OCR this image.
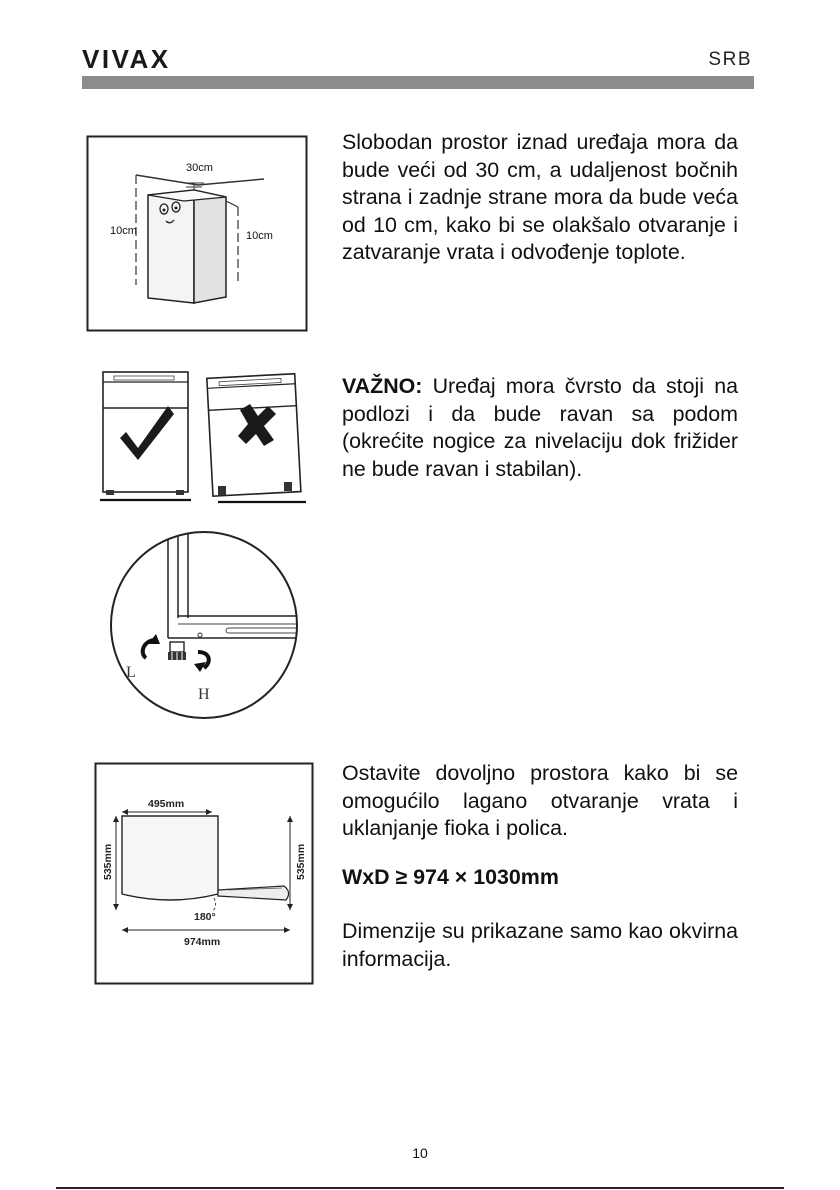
VIVAX	SRB
30cm
10cm	10cm

Slobodan prostor iznad uređaja mora da bude veći od 30 cm, a udaljenost bočnih strana i zadnje strane mora da bude veća od 10 cm, kako bi se olakšalo otvaranje i zatvaranje vrata i odvođenje toplote.

VAŽNO: Uređaj mora čvrsto da stoji na podlozi i da bude ravan sa podom (okrećite nogice za nivelaciju dok frižider ne bude ravan i stabilan).

L
H
495mm
535mm	535mm
180°
974mm

Ostavite dovoljno prostora kako bi se omogućilo lagano otvaranje vrata i uklanjanje fioka i polica.

WxD ≥ 974 × 1030mm

Dimenzije su prikazane samo kao okvirna informacija.

10
